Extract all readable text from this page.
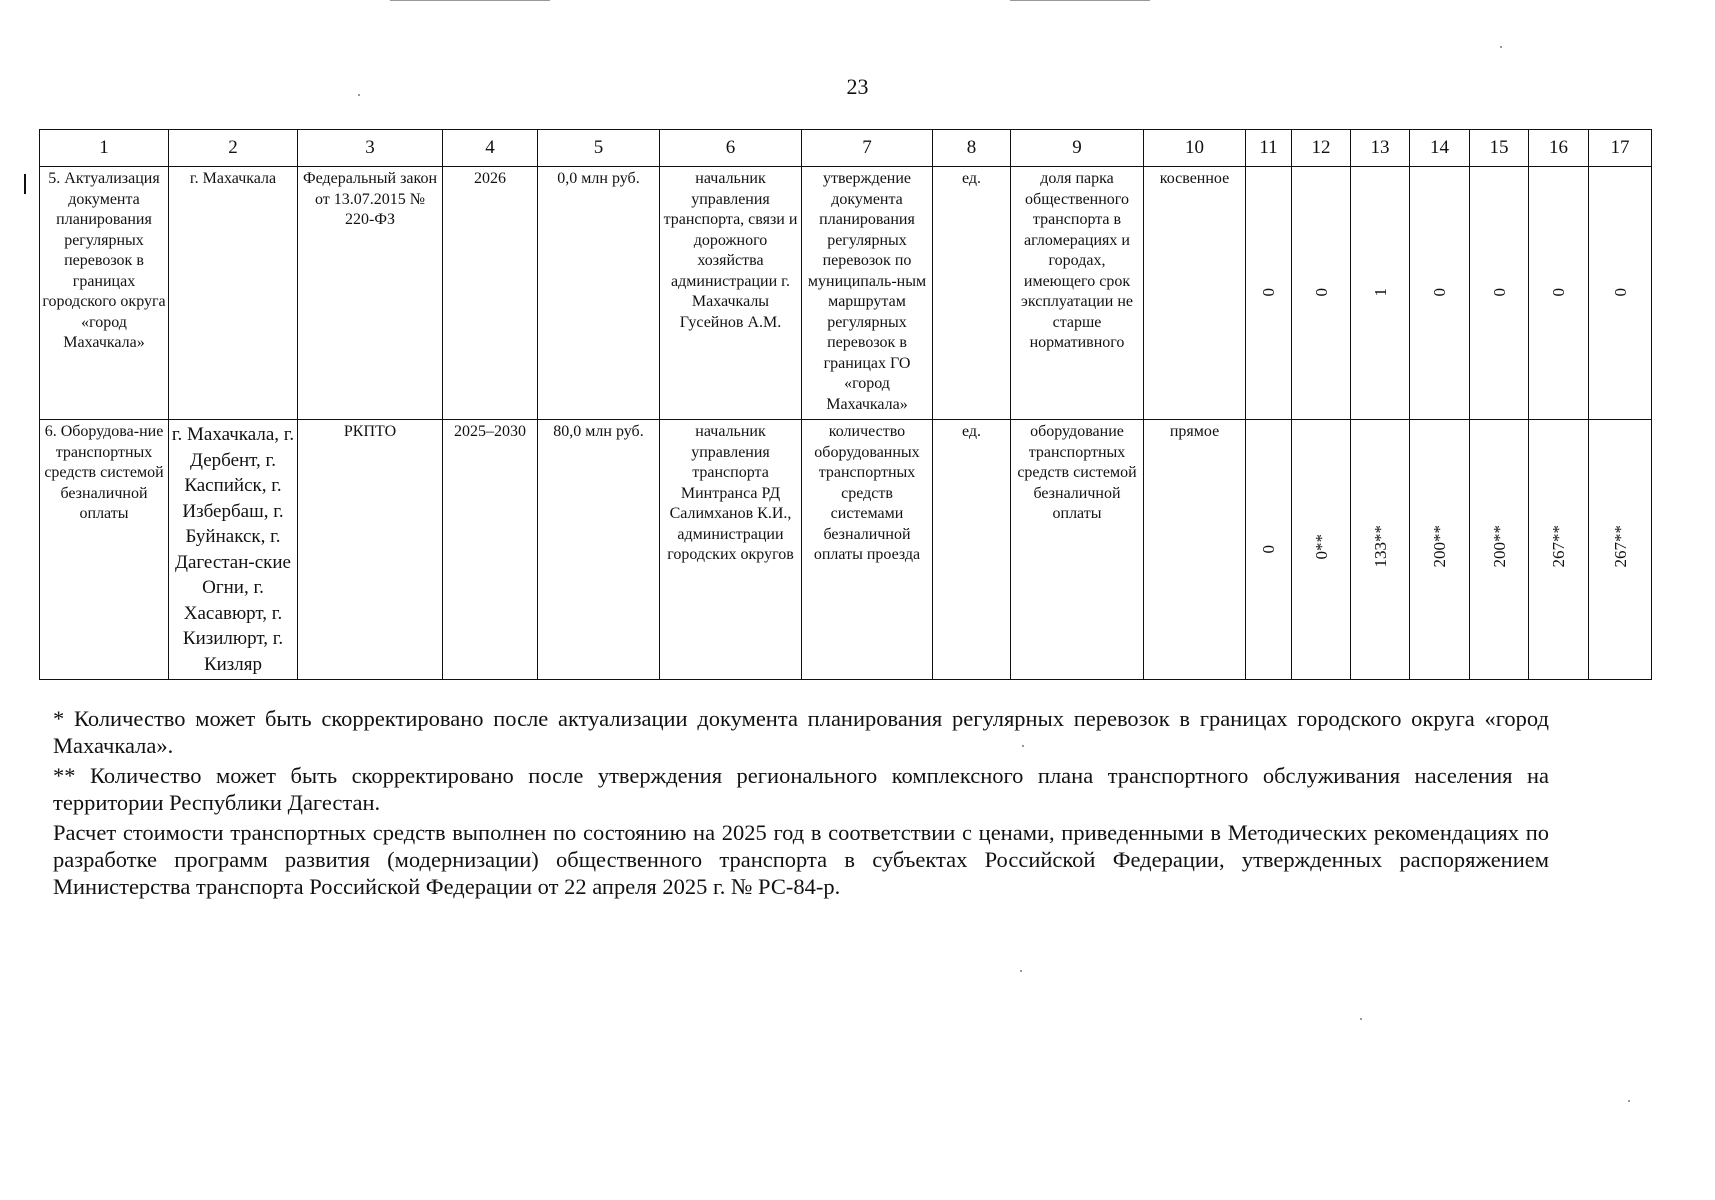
23
1	2	3	4	5	6	7	8	9	10	11	12	13	14	15	16	17
5. Актуализация документа планирования регулярных перевозок в границах городского округа «город Махачкала»	г. Махачкала	Федеральный закон от 13.07.2015 № 220-ФЗ	2026	0,0 млн руб.	начальник управления транспорта, связи и дорожного хозяйства администрации г. Махачкалы Гусейнов А.М.	утверждение документа планирования регулярных перевозок по муниципаль-ным маршрутам регулярных перевозок в границах ГО «город Махачкала»	ед.	доля парка общественного транспорта в агломерациях и городах, имеющего срок эксплуатации не старше нормативного	косвенное	0	0	1	0	0	0	0
6. Оборудова-ние транспортных средств системой безналичной оплаты	г. Махачкала, г. Дербент, г. Каспийск, г. Избербаш, г. Буйнакск, г. Дагестан-ские Огни, г. Хасавюрт, г. Кизилюрт, г. Кизляр	РКПТО	2025–2030	80,0 млн руб.	начальник управления транспорта Минтранса РД Салимханов К.И., администрации городских округов	количество оборудованных транспортных средств системами безналичной оплаты проезда	ед.	оборудование транспортных средств системой безналичной оплаты	прямое	0	0**	133**	200**	200**	267**	267**

* Количество может быть скорректировано после актуализации документа планирования регулярных перевозок в границах городского округа «город Махачкала».

** Количество может быть скорректировано после утверждения регионального комплексного плана транспортного обслуживания населения на территории Республики Дагестан.

Расчет стоимости транспортных средств выполнен по состоянию на 2025 год в соответствии с ценами, приведенными в Методических рекомендациях по разработке программ развития (модернизации) общественного транспорта в субъектах Российской Федерации, утвержденных распоряжением Министерства транспорта Российской Федерации от 22 апреля 2025 г. № РС-84-р.
